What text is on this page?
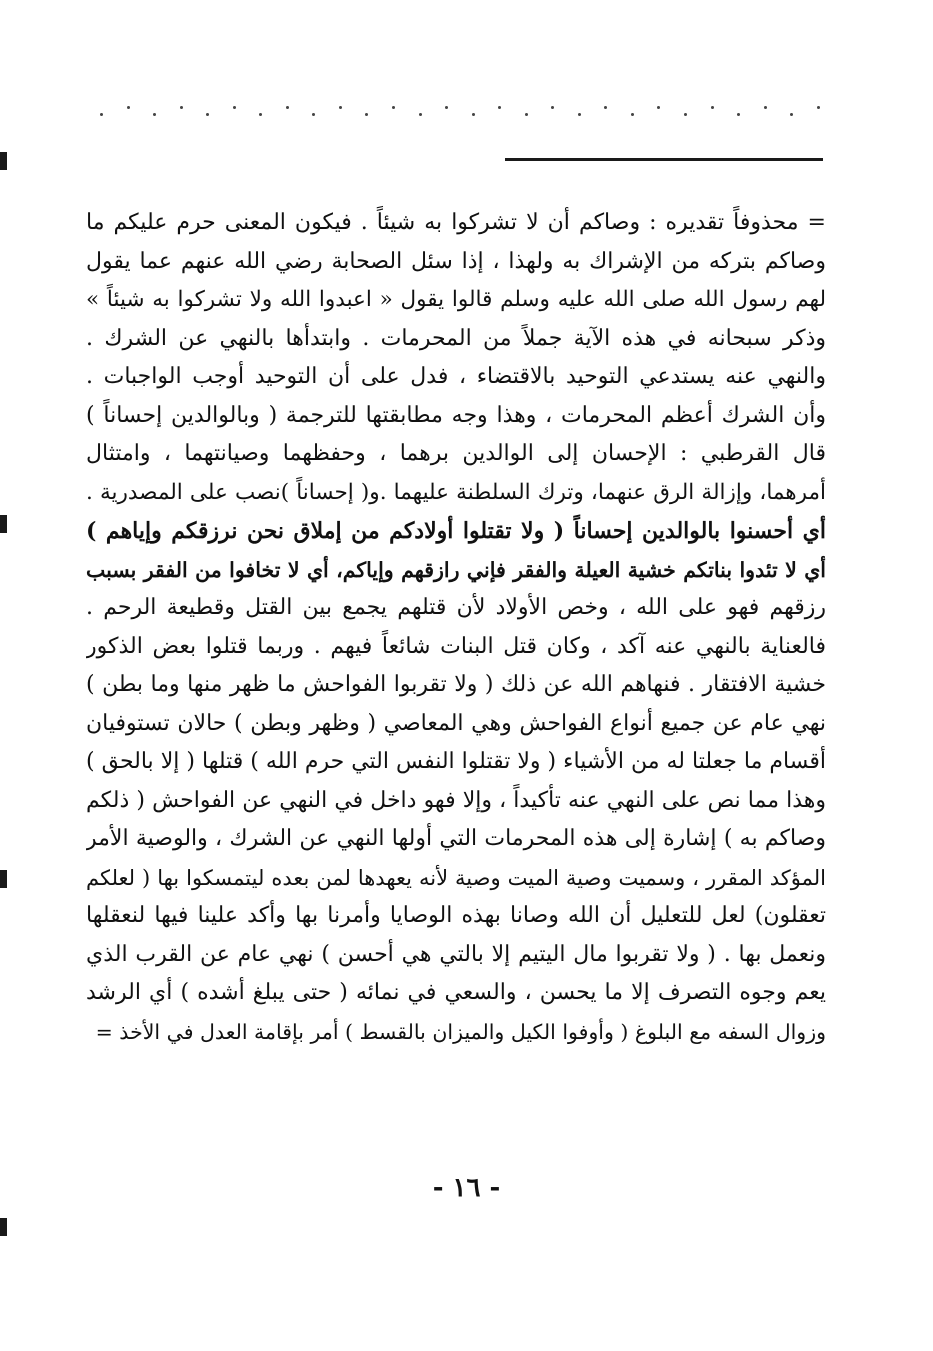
= محذوفاً تقديره : وصاكم أن لا تشركوا به شيئاً . فيكون المعنى حرم عليكم ما
وصاكم بتركه من الإشراك به ولهذا ، إذا سئل الصحابة رضي الله عنهم عما يقول
لهم رسول الله صلى الله عليه وسلم قالوا يقول « اعبدوا الله ولا تشركوا به شيئاً »
وذكر سبحانه في هذه الآية جملاً من المحرمات . وابتدأها بالنهي عن الشرك .
والنهي عنه يستدعي التوحيد بالاقتضاء ، فدل على أن التوحيد أوجب الواجبات .
وأن الشرك أعظم المحرمات ، وهذا وجه مطابقتها للترجمة ( وبالوالدين إحساناً )
قال القرطبي : الإحسان إلى الوالدين برهما ، وحفظهما وصيانتهما ، وامتثال
أمرهما، وإزالة الرق عنهما، وترك السلطنة عليهما .و( إحساناً )نصب على المصدرية .
أي أحسنوا بالوالدين إحساناً ( ولا تقتلوا أولادكم من إملاق نحن نرزقكم وإياهم )
أي لا تئدوا بناتكم خشية العيلة والفقر فإني رازقهم وإياكم، أي لا تخافوا من الفقر بسبب
رزقهم فهو على الله ، وخص الأولاد لأن قتلهم يجمع بين القتل وقطيعة الرحم .
فالعناية بالنهي عنه آكد ، وكان قتل البنات شائعاً فيهم . وربما قتلوا بعض الذكور
خشية الافتقار . فنهاهم الله عن ذلك ( ولا تقربوا الفواحش ما ظهر منها وما بطن )
نهي عام عن جميع أنواع الفواحش وهي المعاصي ( وظهر وبطن ) حالان تستوفيان
أقسام ما جعلتا له من الأشياء ( ولا تقتلوا النفس التي حرم الله ) قتلها ( إلا بالحق )
وهذا مما نص على النهي عنه تأكيداً ، وإلا فهو داخل في النهي عن الفواحش ( ذلكم
وصاكم به ) إشارة إلى هذه المحرمات التي أولها النهي عن الشرك ، والوصية الأمر
المؤكد المقرر ، وسميت وصية الميت وصية لأنه يعهدها لمن بعده ليتمسكوا بها ( لعلكم
تعقلون) لعل للتعليل أن الله وصانا بهذه الوصايا وأمرنا بها وأكد علينا فيها لنعقلها
ونعمل بها . ( ولا تقربوا مال اليتيم إلا بالتي هي أحسن ) نهي عام عن القرب الذي
يعم وجوه التصرف إلا ما يحسن ، والسعي في نمائه ( حتى يبلغ أشده ) أي الرشد
وزوال السفه مع البلوغ ( وأوفوا الكيل والميزان بالقسط ) أمر بإقامة العدل في الأخذ =
- ١٦ -
